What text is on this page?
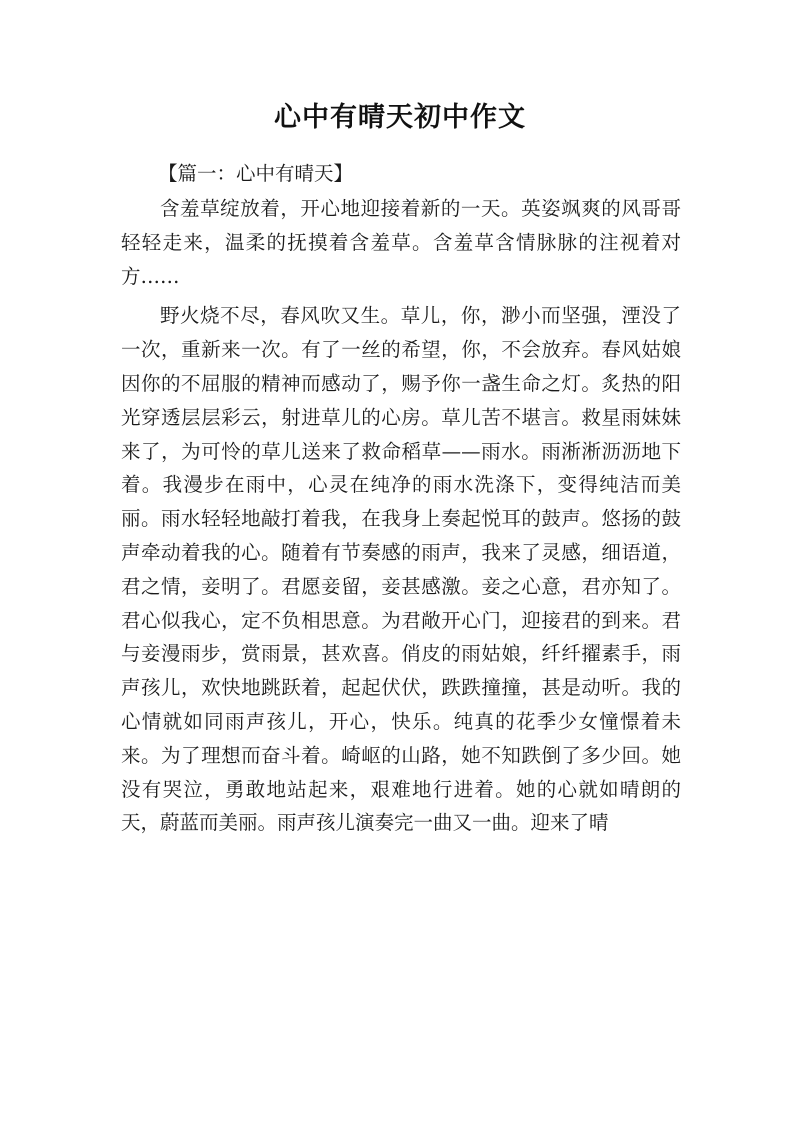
心中有晴天初中作文

【篇一：心中有晴天】

含羞草绽放着，开心地迎接着新的一天。英姿飒爽的风哥哥轻轻走来，温柔的抚摸着含羞草。含羞草含情脉脉的注视着对方……

野火烧不尽，春风吹又生。草儿，你，渺小而坚强，湮没了一次，重新来一次。有了一丝的希望，你，不会放弃。春风姑娘因你的不屈服的精神而感动了，赐予你一盏生命之灯。炙热的阳光穿透层层彩云，射进草儿的心房。草儿苦不堪言。救星雨妹妹来了，为可怜的草儿送来了救命稻草——雨水。雨淅淅沥沥地下着。我漫步在雨中，心灵在纯净的雨水洗涤下，变得纯洁而美丽。雨水轻轻地敲打着我，在我身上奏起悦耳的鼓声。悠扬的鼓声牵动着我的心。随着有节奏感的雨声，我来了灵感，细语道，君之情，妾明了。君愿妾留，妾甚感激。妾之心意，君亦知了。君心似我心，定不负相思意。为君敞开心门，迎接君的到来。君与妾漫雨步，赏雨景，甚欢喜。俏皮的雨姑娘，纤纤擢素手，雨声孩儿，欢快地跳跃着，起起伏伏，跌跌撞撞，甚是动听。我的心情就如同雨声孩儿，开心，快乐。纯真的花季少女憧憬着未来。为了理想而奋斗着。崎岖的山路，她不知跌倒了多少回。她没有哭泣，勇敢地站起来，艰难地行进着。她的心就如晴朗的天，蔚蓝而美丽。雨声孩儿演奏完一曲又一曲。迎来了晴
